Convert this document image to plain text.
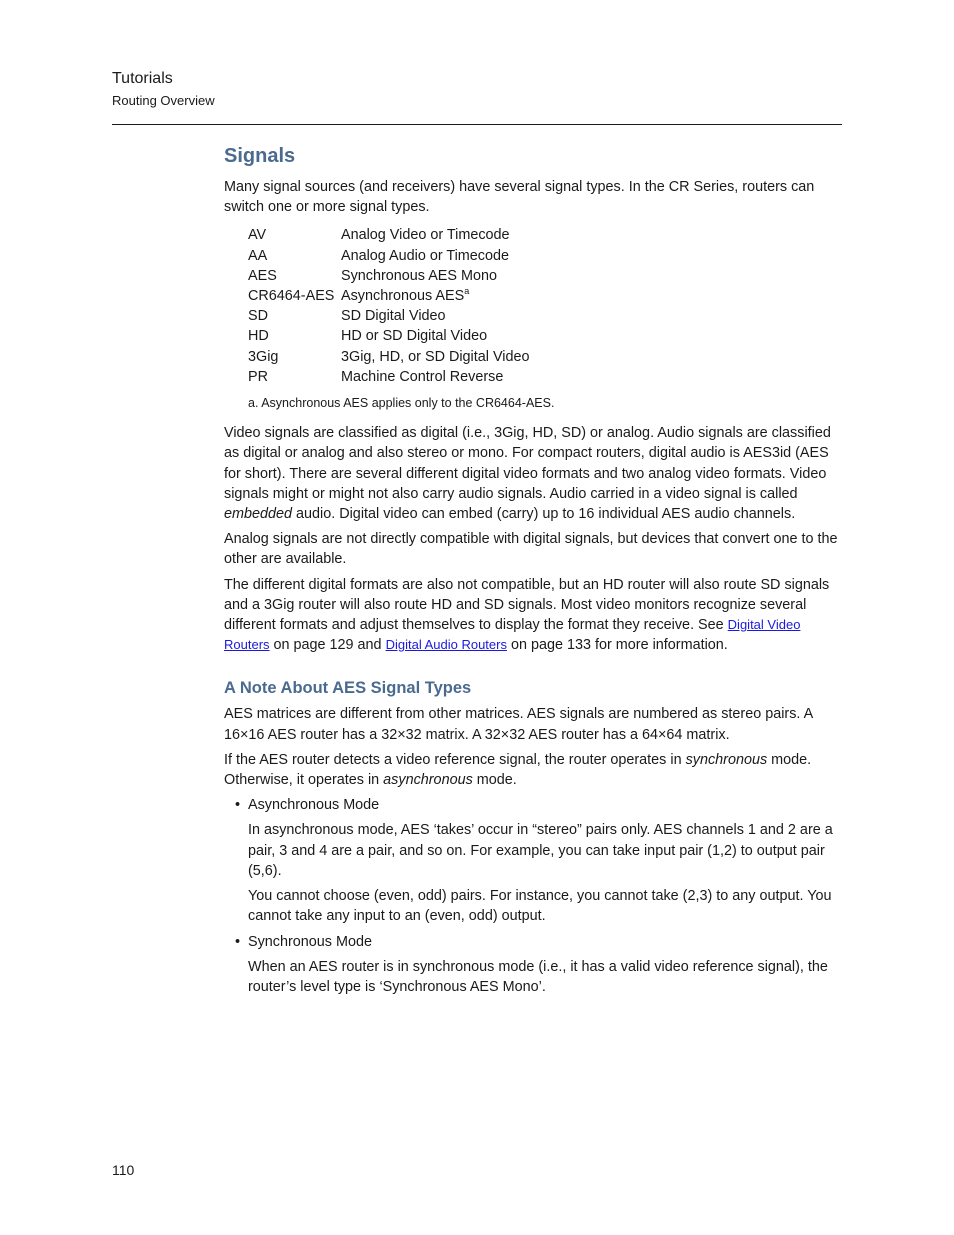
Tutorials
Routing Overview
Signals

Many signal sources (and receivers) have several signal types. In the CR Series, routers can switch one or more signal types.

AV	Analog Video or Timecode
AA	Analog Audio or Timecode
AES	Synchronous AES Mono
CR6464-AES	Asynchronous AES$^a$
SD	SD Digital Video
HD	HD or SD Digital Video
3Gig	3Gig, HD, or SD Digital Video
PR	Machine Control Reverse
a. Asynchronous AES applies only to the CR6464-AES.

Video signals are classified as digital (i.e., 3Gig, HD, SD) or analog. Audio signals are classified as digital or analog and also stereo or mono. For compact routers, digital audio is AES3id (AES for short). There are several different digital video formats and two analog video formats. Video signals might or might not also carry audio signals. Audio carried in a video signal is called embedded audio. Digital video can embed (carry) up to 16 individual AES audio channels.

Analog signals are not directly compatible with digital signals, but devices that convert one to the other are available.

The different digital formats are also not compatible, but an HD router will also route SD signals and a 3Gig router will also route HD and SD signals. Most video monitors recognize several different formats and adjust themselves to display the format they receive. See Digital Video Routers on page 129 and Digital Audio Routers on page 133 for more information.

A Note About AES Signal Types

AES matrices are different from other matrices. AES signals are numbered as stereo pairs. A 16×16 AES router has a 32×32 matrix. A 32×32 AES router has a 64×64 matrix.

If the AES router detects a video reference signal, the router operates in synchronous mode. Otherwise, it operates in asynchronous mode.

• Asynchronous Mode

In asynchronous mode, AES ‘takes’ occur in “stereo” pairs only. AES channels 1 and 2 are a pair, 3 and 4 are a pair, and so on. For example, you can take input pair (1,2) to output pair (5,6).

You cannot choose (even, odd) pairs. For instance, you cannot take (2,3) to any output. You cannot take any input to an (even, odd) output.

• Synchronous Mode

When an AES router is in synchronous mode (i.e., it has a valid video reference signal), the router’s level type is ‘Synchronous AES Mono’.

110
